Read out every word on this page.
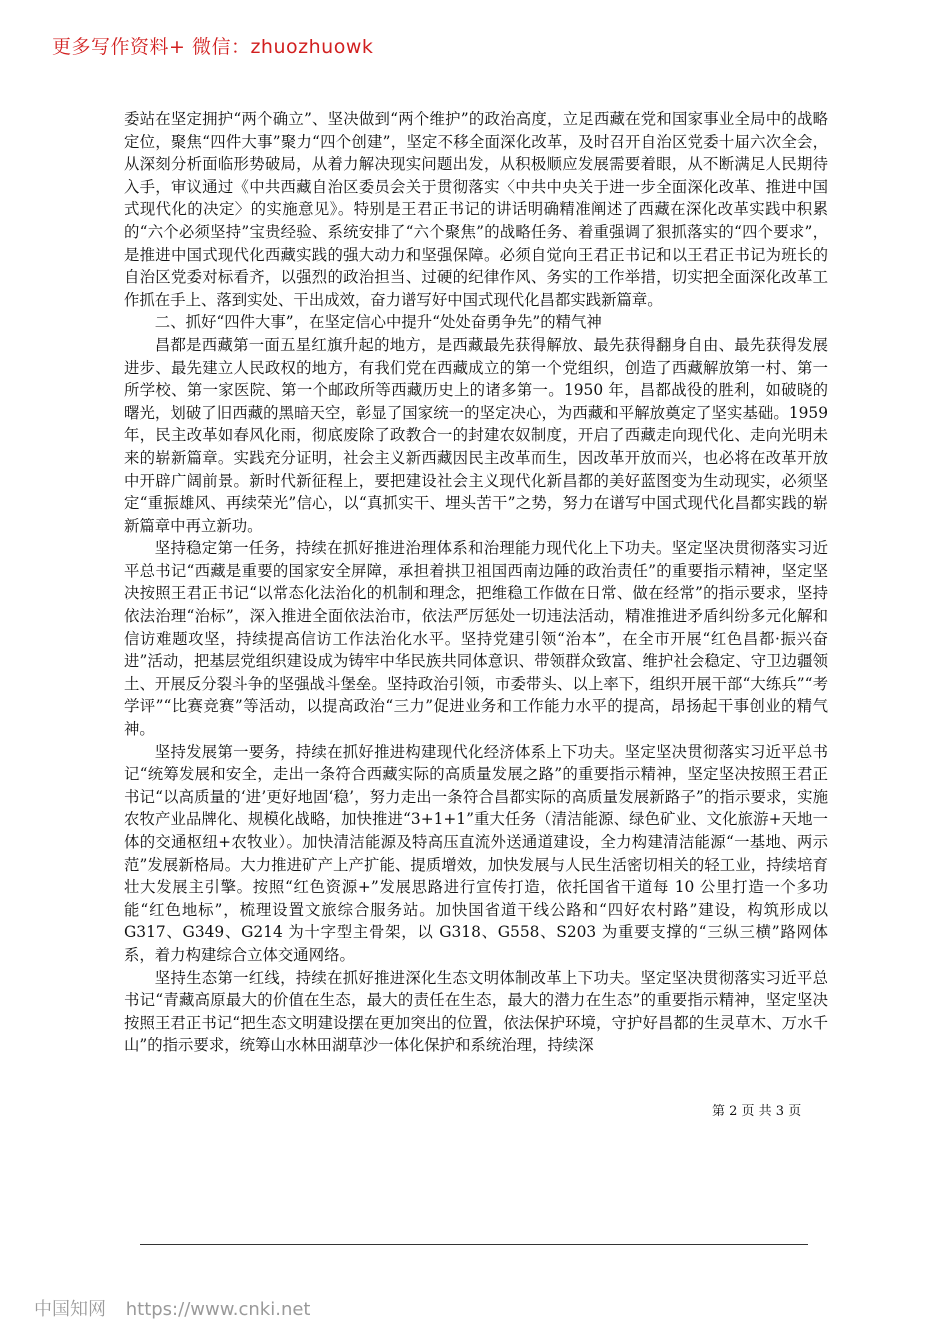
更多写作资料+ 微信：zhuozhuowk

委站在坚定拥护“两个确立”、坚决做到“两个维护”的政治高度，立足西藏在党和国家事业全局中的战略定位，聚焦“四件大事”聚力“四个创建”，坚定不移全面深化改革，及时召开自治区党委十届六次全会，从深刻分析面临形势破局，从着力解决现实问题出发，从积极顺应发展需要着眼，从不断满足人民期待入手，审议通过《中共西藏自治区委员会关于贯彻落实〈中共中央关于进一步全面深化改革、推进中国式现代化的决定〉的实施意见》。特别是王君正书记的讲话明确精准阐述了西藏在深化改革实践中积累的“六个必须坚持”宝贵经验、系统安排了“六个聚焦”的战略任务、着重强调了狠抓落实的“四个要求”，是推进中国式现代化西藏实践的强大动力和坚强保障。必须自觉向王君正书记和以王君正书记为班长的自治区党委对标看齐，以强烈的政治担当、过硬的纪律作风、务实的工作举措，切实把全面深化改革工作抓在手上、落到实处、干出成效，奋力谱写好中国式现代化昌都实践新篇章。

二、抓好“四件大事”，在坚定信心中提升“处处奋勇争先”的精气神

昌都是西藏第一面五星红旗升起的地方，是西藏最先获得解放、最先获得翻身自由、最先获得发展进步、最先建立人民政权的地方，有我们党在西藏成立的第一个党组织，创造了西藏解放第一村、第一所学校、第一家医院、第一个邮政所等西藏历史上的诸多第一。1950 年，昌都战役的胜利，如破晓的曙光，划破了旧西藏的黑暗天空，彰显了国家统一的坚定决心，为西藏和平解放奠定了坚实基础。1959 年，民主改革如春风化雨，彻底废除了政教合一的封建农奴制度，开启了西藏走向现代化、走向光明未来的崭新篇章。实践充分证明，社会主义新西藏因民主改革而生，因改革开放而兴，也必将在改革开放中开辟广阔前景。新时代新征程上，要把建设社会主义现代化新昌都的美好蓝图变为生动现实，必须坚定“重振雄风、再续荣光”信心，以“真抓实干、埋头苦干”之势，努力在谱写中国式现代化昌都实践的崭新篇章中再立新功。

坚持稳定第一任务，持续在抓好推进治理体系和治理能力现代化上下功夫。坚定坚决贯彻落实习近平总书记“西藏是重要的国家安全屏障，承担着拱卫祖国西南边陲的政治责任”的重要指示精神，坚定坚决按照王君正书记“以常态化法治化的机制和理念，把维稳工作做在日常、做在经常”的指示要求，坚持依法治理“治标”，深入推进全面依法治市，依法严厉惩处一切违法活动，精准推进矛盾纠纷多元化解和信访难题攻坚，持续提高信访工作法治化水平。坚持党建引领“治本”，在全市开展“红色昌都·振兴奋进”活动，把基层党组织建设成为铸牢中华民族共同体意识、带领群众致富、维护社会稳定、守卫边疆领土、开展反分裂斗争的坚强战斗堡垒。坚持政治引领，市委带头、以上率下，组织开展干部“大练兵”“考学评”“比赛竞赛”等活动，以提高政治“三力”促进业务和工作能力水平的提高，昂扬起干事创业的精气神。

坚持发展第一要务，持续在抓好推进构建现代化经济体系上下功夫。坚定坚决贯彻落实习近平总书记“统筹发展和安全，走出一条符合西藏实际的高质量发展之路”的重要指示精神，坚定坚决按照王君正书记“以高质量的‘进’更好地固‘稳’，努力走出一条符合昌都实际的高质量发展新路子”的指示要求，实施农牧产业品牌化、规模化战略，加快推进“3+1+1”重大任务（清洁能源、绿色矿业、文化旅游+天地一体的交通枢纽+农牧业）。加快清洁能源及特高压直流外送通道建设，全力构建清洁能源“一基地、两示范”发展新格局。大力推进矿产上产扩能、提质增效，加快发展与人民生活密切相关的轻工业，持续培育壮大发展主引擎。按照“红色资源+”发展思路进行宣传打造，依托国省干道每 10 公里打造一个多功能“红色地标”，梳理设置文旅综合服务站。加快国省道干线公路和“四好农村路”建设，构筑形成以 G317、G349、G214 为十字型主骨架，以 G318、G558、S203 为重要支撑的“三纵三横”路网体系，着力构建综合立体交通网络。

坚持生态第一红线，持续在抓好推进深化生态文明体制改革上下功夫。坚定坚决贯彻落实习近平总书记“青藏高原最大的价值在生态，最大的责任在生态，最大的潜力在生态”的重要指示精神，坚定坚决按照王君正书记“把生态文明建设摆在更加突出的位置，依法保护环境，守护好昌都的生灵草木、万水千山”的指示要求，统筹山水林田湖草沙一体化保护和系统治理，持续深

第 2 页 共 3 页
中国知网 https://www.cnki.net
